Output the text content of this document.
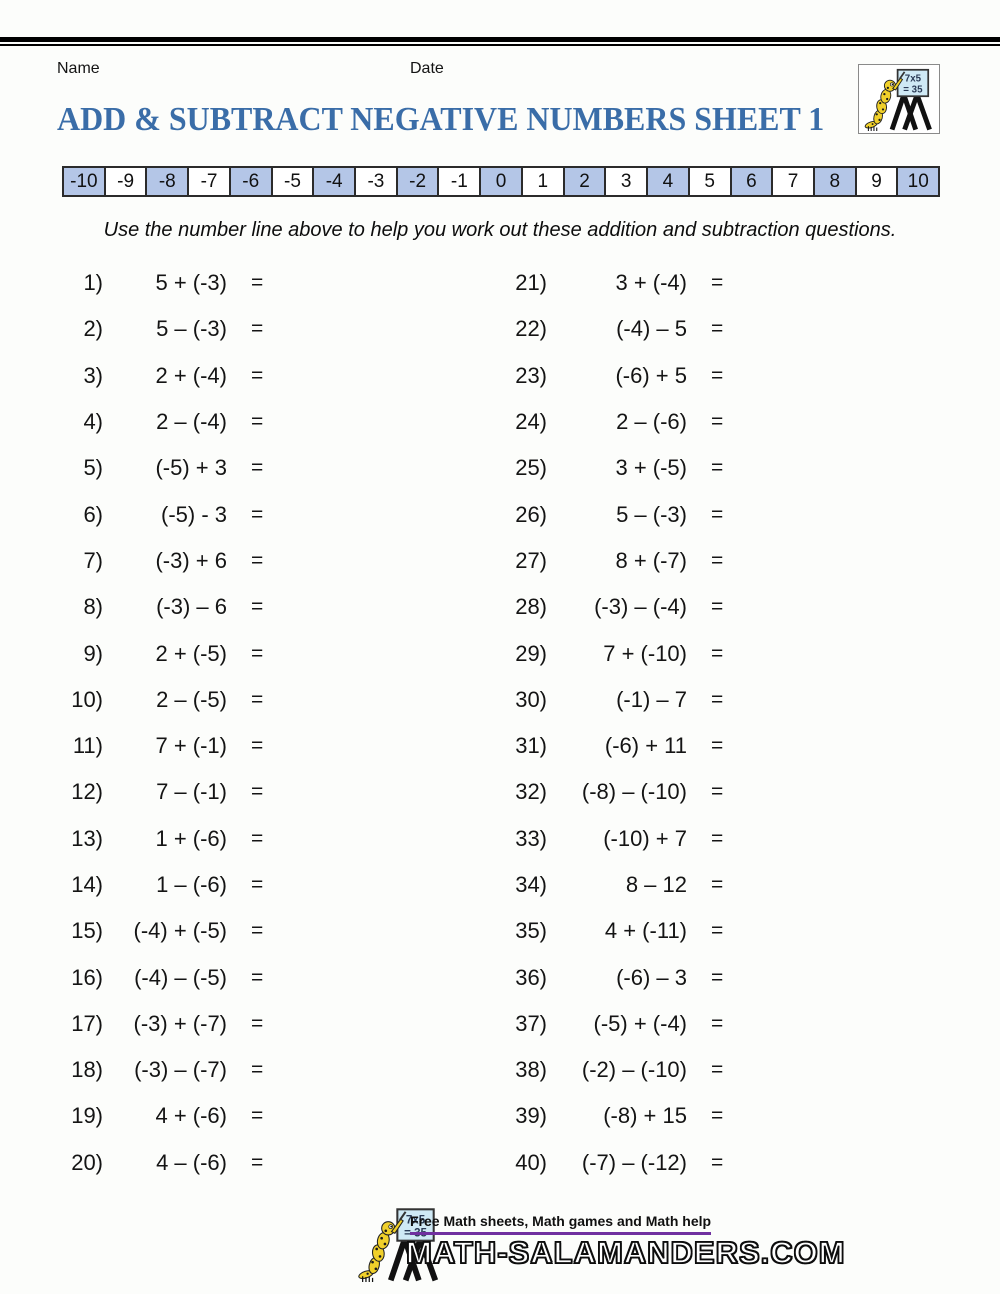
Name	Date
ADD & SUBTRACT NEGATIVE NUMBERS SHEET 1
-10	-9	-8	-7	-6	-5	-4	-3	-2	-1	0	1	2	3	4	5	6	7	8	9	10
Use the number line above to help you work out these addition and subtraction questions.
1)	5 + (-3)	=
2)	5 – (-3)	=
3)	2 + (-4)	=
4)	2 – (-4)	=
5)	(-5) + 3	=
6)	(-5) - 3	=
7)	(-3) + 6	=
8)	(-3) – 6	=
9)	2 + (-5)	=
10)	2 – (-5)	=
11)	7 + (-1)	=
12)	7 – (-1)	=
13)	1 + (-6)	=
14)	1 – (-6)	=
15)	(-4) + (-5)	=
16)	(-4) – (-5)	=
17)	(-3) + (-7)	=
18)	(-3) – (-7)	=
19)	4 + (-6)	=
20)	4 – (-6)	=
21)	3 + (-4)	=
22)	(-4) – 5	=
23)	(-6) + 5	=
24)	2 – (-6)	=
25)	3 + (-5)	=
26)	5 – (-3)	=
27)	8 + (-7)	=
28)	(-3) – (-4)	=
29)	7 + (-10)	=
30)	(-1) – 7	=
31)	(-6) + 11	=
32)	(-8) – (-10)	=
33)	(-10) + 7	=
34)	8 – 12	=
35)	4 + (-11)	=
36)	(-6) – 3	=
37)	(-5) + (-4)	=
38)	(-2) – (-10)	=
39)	(-8) + 15	=
40)	(-7) – (-12)	=
Free Math sheets, Math games and Math help
MATH-SALAMANDERS.COM
